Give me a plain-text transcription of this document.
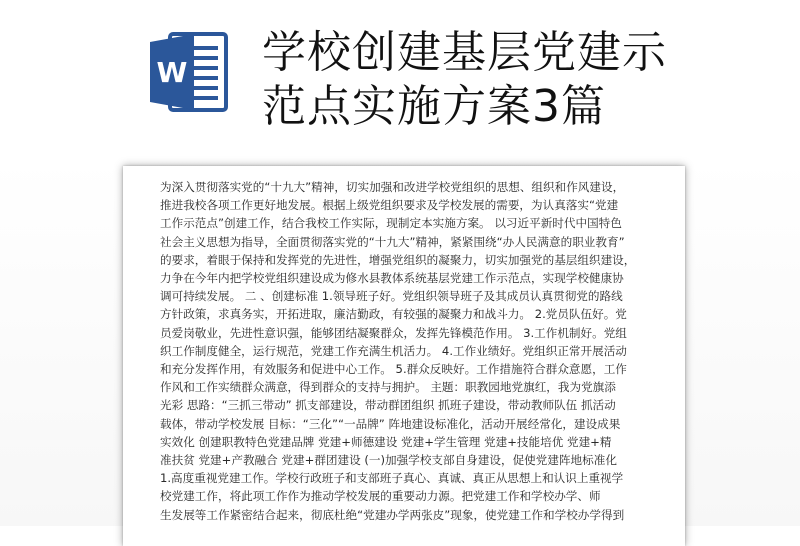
W 学校创建基层党建示
范点实施方案3篇
为深入贯彻落实党的“十九大”精神，切实加强和改进学校党组织的思想、组织和作风建设，
推进我校各项工作更好地发展。根据上级党组织要求及学校发展的需要，为认真落实“党建
工作示范点”创建工作，结合我校工作实际，现制定本实施方案。 以习近平新时代中国特色
社会主义思想为指导，全面贯彻落实党的“十九大”精神，紧紧围绕“办人民满意的职业教育”
的要求，着眼于保持和发挥党的先进性，增强党组织的凝聚力，切实加强党的基层组织建设，
力争在今年内把学校党组织建设成为修水县教体系统基层党建工作示范点，实现学校健康协
调可持续发展。 二 、创建标准 1.领导班子好。党组织领导班子及其成员认真贯彻党的路线
方针政策，求真务实，开拓进取，廉洁勤政，有较强的凝聚力和战斗力。 2.党员队伍好。党
员爱岗敬业，先进性意识强，能够团结凝聚群众，发挥先锋模范作用。 3.工作机制好。党组
织工作制度健全，运行规范，党建工作充满生机活力。 4.工作业绩好。党组织正常开展活动
和充分发挥作用，有效服务和促进中心工作。 5.群众反映好。工作措施符合群众意愿，工作
作风和工作实绩群众满意，得到群众的支持与拥护。 主题：职教园地党旗红，我为党旗添
光彩 思路：“三抓三带动” 抓支部建设，带动群团组织 抓班子建设，带动教师队伍 抓活动
载体，带动学校发展 目标：“三化”“一品牌” 阵地建设标准化，活动开展经常化，建设成果
实效化 创建职教特色党建品牌 党建+师德建设 党建+学生管理 党建+技能培优 党建+精
准扶贫 党建+产教融合 党建+群团建设 (一)加强学校支部自身建设，促使党建阵地标准化
1.高度重视党建工作。学校行政班子和支部班子真心、真诚、真正从思想上和认识上重视学
校党建工作，将此项工作作为推动学校发展的重要动力源。把党建工作和学校办学、师
生发展等工作紧密结合起来，彻底杜绝“党建办学两张皮”现象，使党建工作和学校办学得到
